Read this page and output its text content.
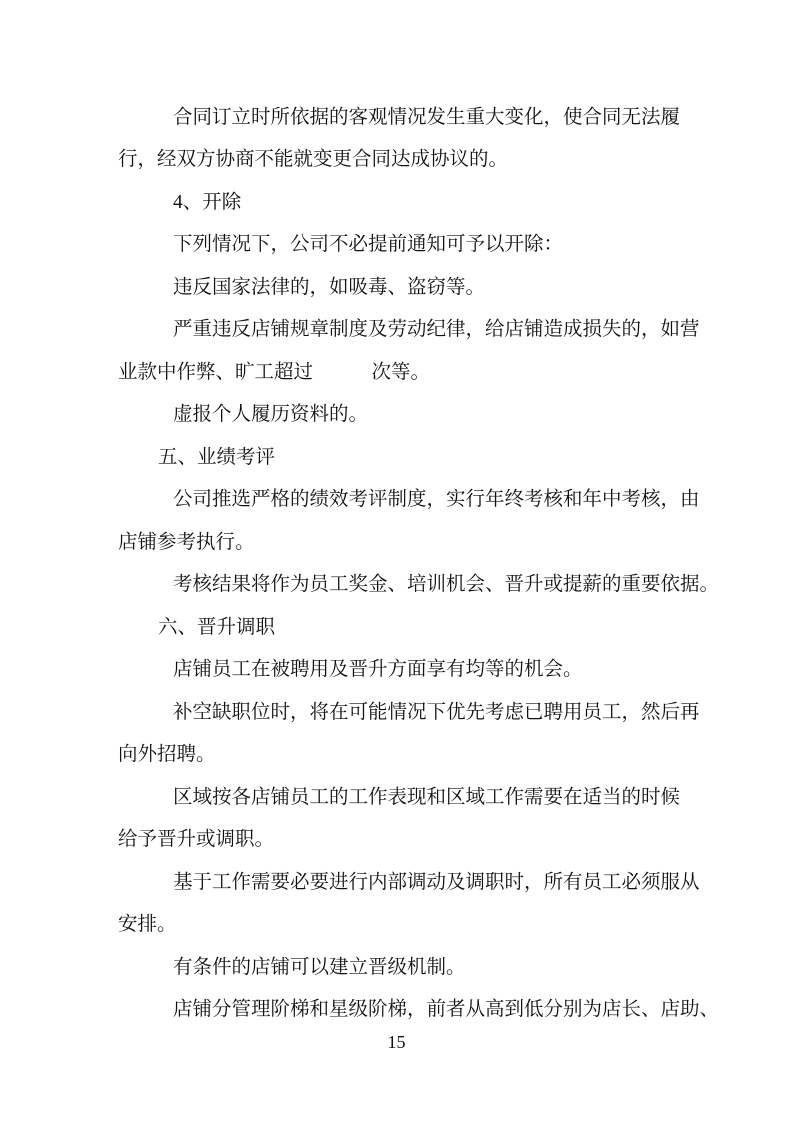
合同订立时所依据的客观情况发生重大变化，使合同无法履
行，经双方协商不能就变更合同达成协议的。
4、开除
下列情况下，公司不必提前通知可予以开除：
违反国家法律的，如吸毒、盗窃等。
严重违反店铺规章制度及劳动纪律，给店铺造成损失的，如营
业款中作弊、旷工超过　　　次等。
虚报个人履历资料的。
五、业绩考评
公司推选严格的绩效考评制度，实行年终考核和年中考核，由
店铺参考执行。
考核结果将作为员工奖金、培训机会、晋升或提薪的重要依据。
六、晋升调职
店铺员工在被聘用及晋升方面享有均等的机会。
补空缺职位时，将在可能情况下优先考虑已聘用员工，然后再
向外招聘。
区域按各店铺员工的工作表现和区域工作需要在适当的时候
给予晋升或调职。
基于工作需要必要进行内部调动及调职时，所有员工必须服从
安排。
有条件的店铺可以建立晋级机制。
店铺分管理阶梯和星级阶梯，前者从高到低分别为店长、店助、
15
